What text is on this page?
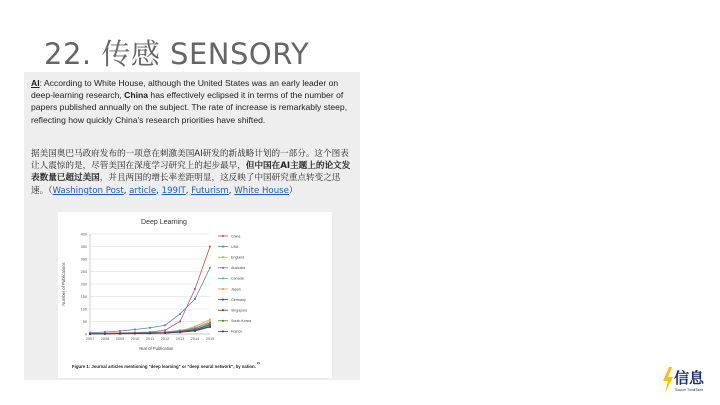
22. 传感 SENSORY

AI: According to White House, although the United States was an early leader on deep-learning research, China has effectively eclipsed it in terms of the number of papers published annually on the subject. The rate of increase is remarkably steep, reflecting how quickly China's research priorities have shifted.

据美国奥巴马政府发布的一项意在刺激美国AI研发的新战略计划的一部分。这个图表让人震惊的是，尽管美国在深度学习研究上的起步最早，但中国在AI主题上的论文发表数量已超过美国，并且两国的增长率差距明显，这反映了中国研究重点转变之迅速。（Washington Post, article, 199IT, Futurism, White House）

Deep Learning
Number of Publications
Year of Publication
Figure 1: Journal articles mentioning "deep learning" or "deep neural network", by nation.
21
0
50
100
150
200
250
300
350
400
2007 2008 2009 2010 2011 2012 2013 2014 2015
China
USA
England
Australia
Canada
Japan
Germany
Singapore
South Korea
France
信息
Source ThinkTank
